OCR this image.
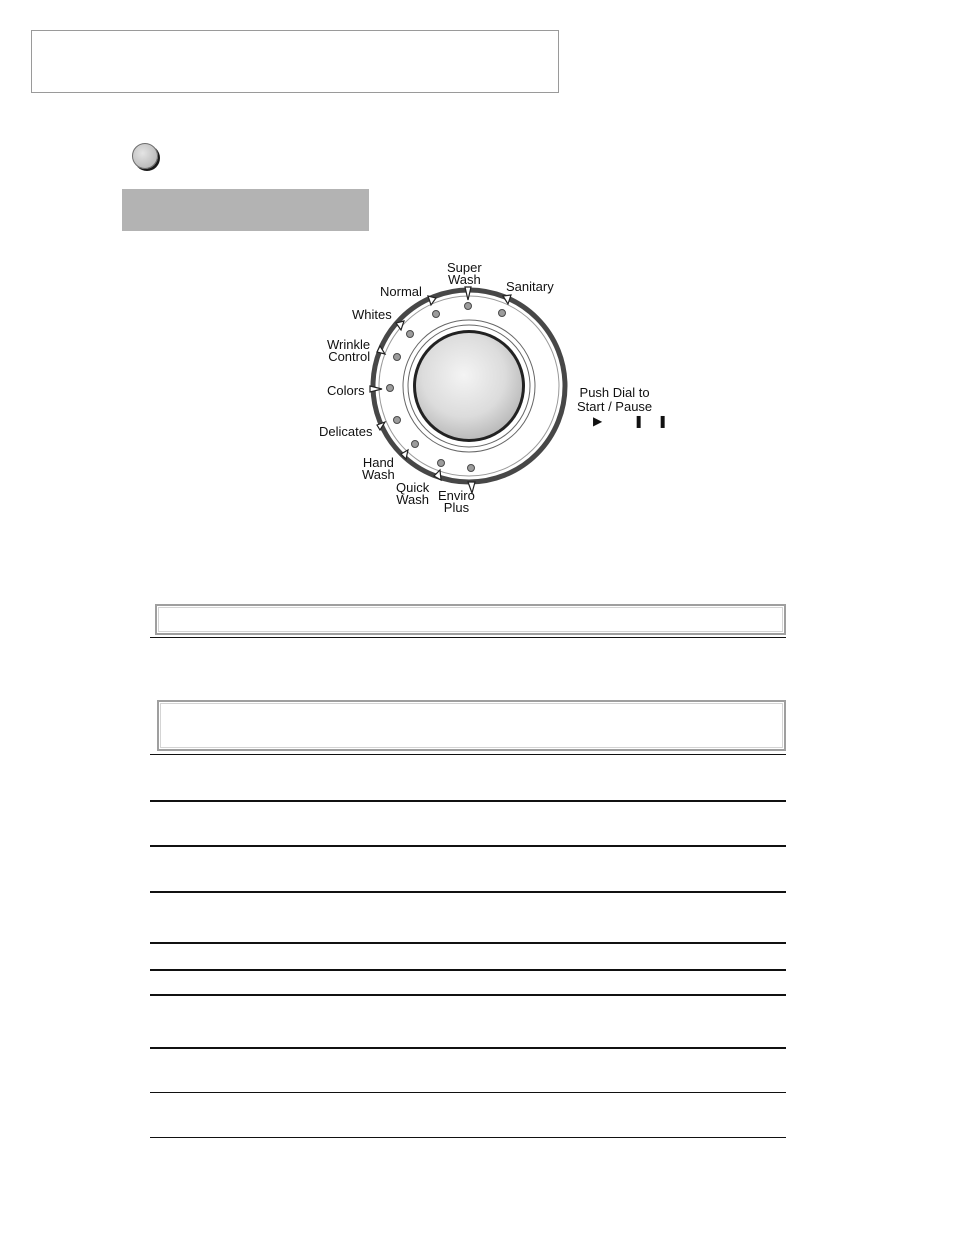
Super
Wash Sanitary
Normal
Whites
Wrinkle
Control
Colors
Delicates
Hand
Wash
Quick
Wash Enviro
Plus
Push Dial to
Start / Pause
▶ ❚❚
